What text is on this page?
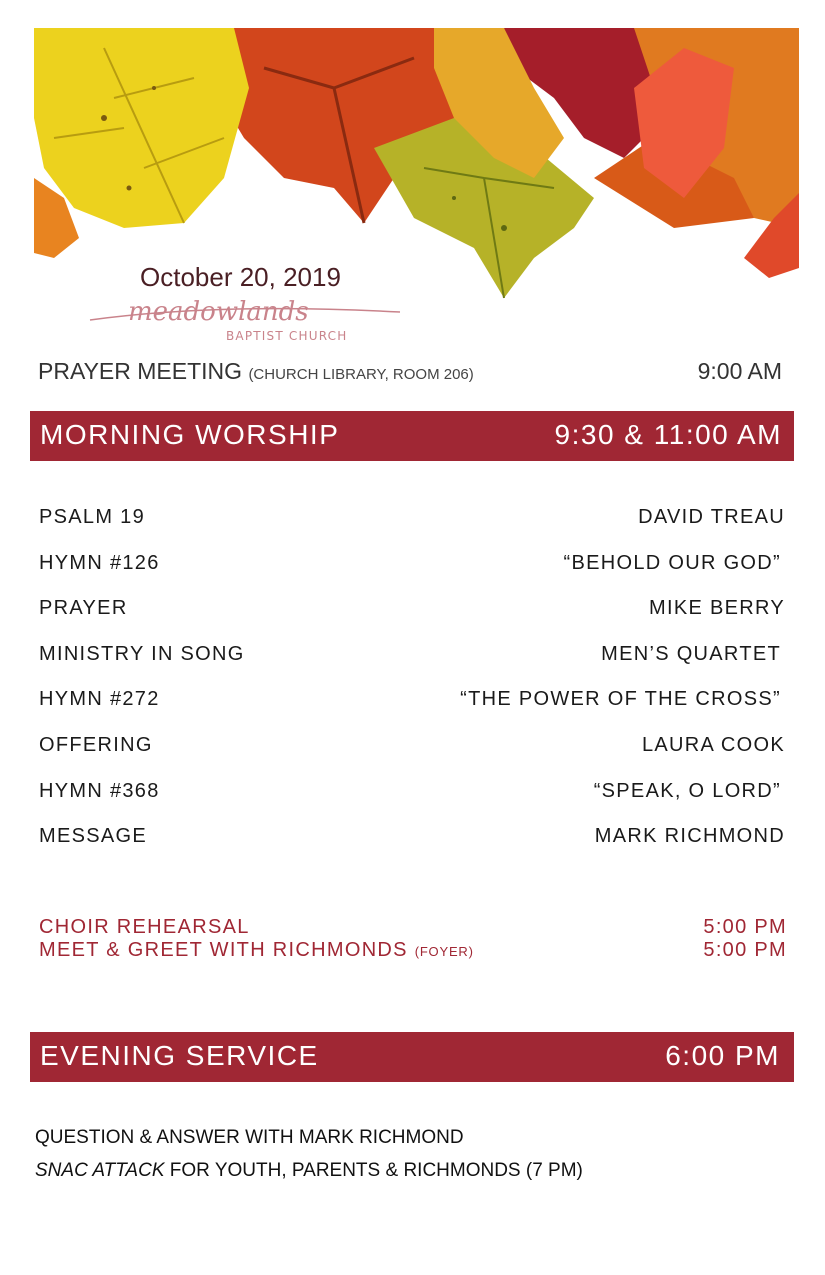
October 20, 2019
meadowlands
BAPTIST CHURCH
PRAYER MEETING (CHURCH LIBRARY, ROOM 206)	9:00 AM
MORNING WORSHIP	9:30 & 11:00 AM
PSALM 19	DAVID TREAU
HYMN #126	“BEHOLD OUR GOD”
PRAYER	MIKE BERRY
MINISTRY IN SONG	MEN’S QUARTET
HYMN #272	“THE POWER OF THE CROSS”
OFFERING	LAURA COOK
HYMN #368	“SPEAK, O LORD”
MESSAGE	MARK RICHMOND
CHOIR REHEARSAL	5:00 PM
MEET & GREET WITH RICHMONDS (FOYER)	5:00 PM
EVENING SERVICE	6:00 PM
QUESTION & ANSWER WITH MARK RICHMOND
SNAC ATTACK FOR YOUTH, PARENTS & RICHMONDS (7 PM)
